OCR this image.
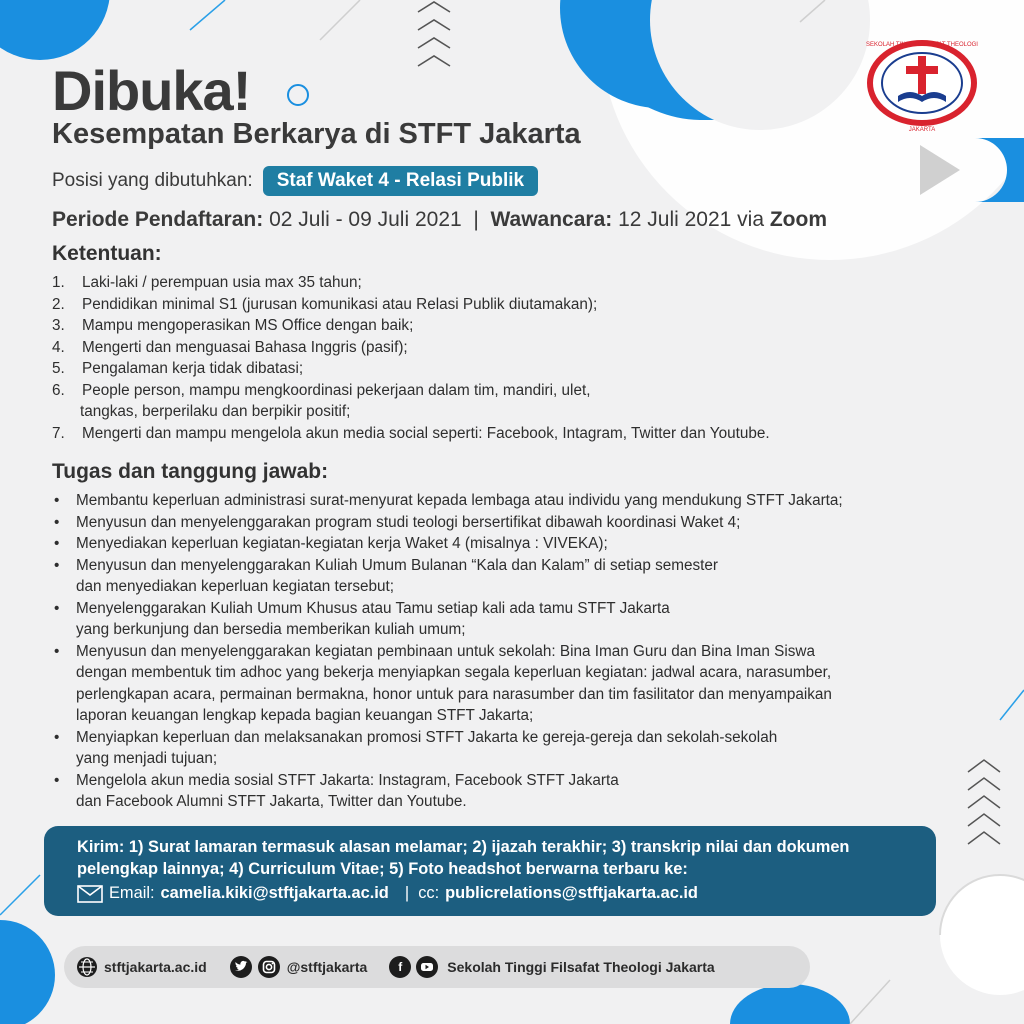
SEKOLAH TINGGI FILSAFAT THEOLOGI
JAKARTA
Dibuka!
Kesempatan Berkarya di STFT Jakarta
Posisi yang dibutuhkan:	Staf Waket 4 - Relasi Publik
Periode Pendaftaran: 02 Juli - 09 Juli 2021  |  Wawancara: 12 Juli 2021 via Zoom
Ketentuan:
1. Laki-laki / perempuan usia max 35 tahun;
2. Pendidikan minimal S1 (jurusan komunikasi atau Relasi Publik diutamakan);
3. Mampu mengoperasikan MS Office dengan baik;
4. Mengerti dan menguasai Bahasa Inggris (pasif);
5. Pengalaman kerja tidak dibatasi;
6. People person, mampu mengkoordinasi pekerjaan dalam tim, mandiri, ulet,
tangkas, berperilaku dan berpikir positif;
7. Mengerti dan mampu mengelola akun media social seperti: Facebook, Intagram, Twitter dan Youtube.
Tugas dan tanggung jawab:
• Membantu keperluan administrasi surat-menyurat kepada lembaga atau individu yang mendukung STFT Jakarta;
• Menyusun dan menyelenggarakan program studi teologi bersertifikat dibawah koordinasi Waket 4;
• Menyediakan keperluan kegiatan-kegiatan kerja Waket 4 (misalnya : VIVEKA);
• Menyusun dan menyelenggarakan Kuliah Umum Bulanan “Kala dan Kalam” di setiap semester
dan menyediakan keperluan kegiatan tersebut;
• Menyelenggarakan Kuliah Umum Khusus atau Tamu setiap kali ada tamu STFT Jakarta
yang berkunjung dan bersedia memberikan kuliah umum;
• Menyusun dan menyelenggarakan kegiatan pembinaan untuk sekolah: Bina Iman Guru dan Bina Iman Siswa
dengan membentuk tim adhoc yang bekerja menyiapkan segala keperluan kegiatan: jadwal acara, narasumber,
perlengkapan acara, permainan bermakna, honor untuk para narasumber dan tim fasilitator dan menyampaikan
laporan keuangan lengkap kepada bagian keuangan STFT Jakarta;
• Menyiapkan keperluan dan melaksanakan promosi STFT Jakarta ke gereja-gereja dan sekolah-sekolah
yang menjadi tujuan;
• Mengelola akun media sosial STFT Jakarta: Instagram, Facebook STFT Jakarta
dan Facebook Alumni STFT Jakarta, Twitter dan Youtube.
Kirim: 1) Surat lamaran termasuk alasan melamar; 2) ijazah terakhir; 3) transkrip nilai dan dokumen pelengkap lainnya; 4) Curriculum Vitae; 5) Foto headshot berwarna terbaru ke:
Email: camelia.kiki@stftjakarta.ac.id |  cc: publicrelations@stftjakarta.ac.id
stftjakarta.ac.id	@stftjakarta	f	Sekolah Tinggi Filsafat Theologi Jakarta
